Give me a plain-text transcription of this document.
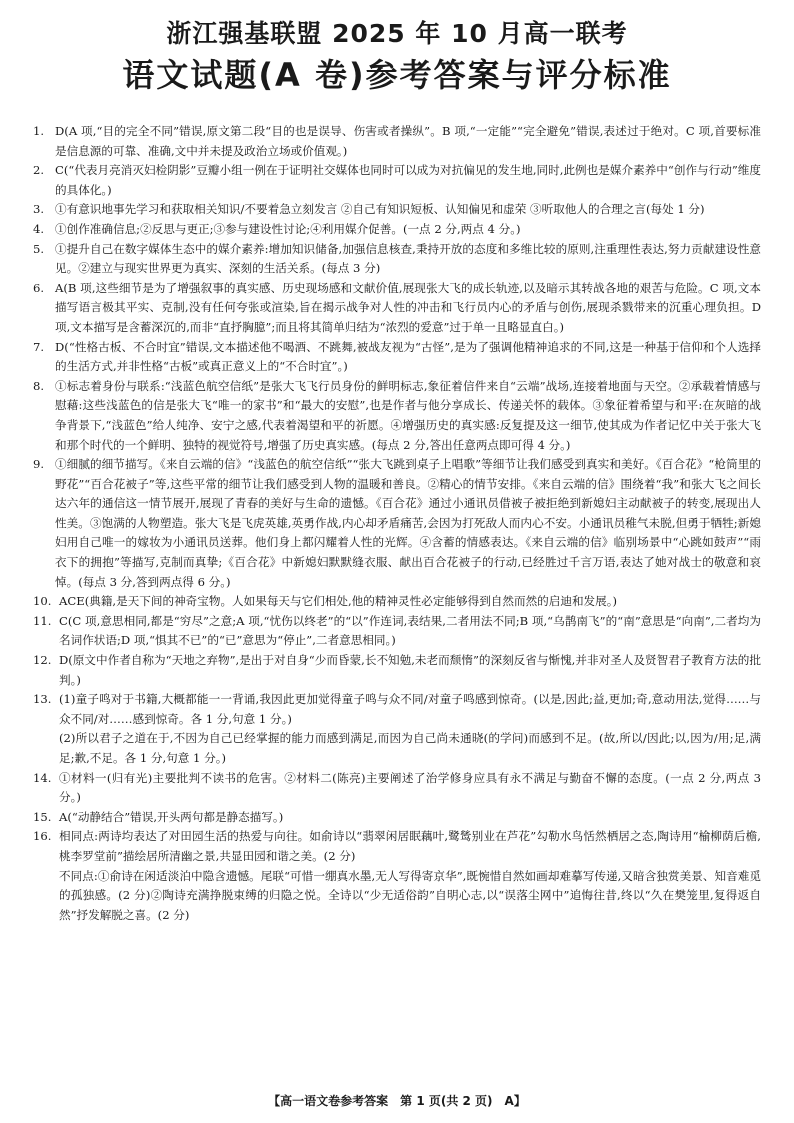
浙江强基联盟 2025 年 10 月高一联考
语文试题(A 卷)参考答案与评分标准
1. D(A 项,“目的完全不同”错误,原文第二段“目的也是误导、伤害或者操纵”。B 项,“一定能”“完全避免”错误,表述过于绝对。C 项,首要标准是信息源的可靠、准确,文中并未提及政治立场或价值观。)

2. C(“代表月亮消灭妇检阴影”豆瓣小组一例在于证明社交媒体也同时可以成为对抗偏见的发生地,同时,此例也是媒介素养中“创作与行动”维度的具体化。)

3. ①有意识地事先学习和获取相关知识/不要着急立刻发言 ②自己有知识短板、认知偏见和虚荣 ③听取他人的合理之言(每处 1 分)

4. ①创作准确信息;②反思与更正;③参与建设性讨论;④利用媒介促善。(一点 2 分,两点 4 分。)

5. ①提升自己在数字媒体生态中的媒介素养:增加知识储备,加强信息核查,秉持开放的态度和多维比较的原则,注重理性表达,努力贡献建设性意见。②建立与现实世界更为真实、深刻的生活关系。(每点 3 分)

6. A(B 项,这些细节是为了增强叙事的真实感、历史现场感和文献价值,展现张大飞的成长轨迹,以及暗示其转战各地的艰苦与危险。C 项,文本描写语言极其平实、克制,没有任何夸张或渲染,旨在揭示战争对人性的冲击和飞行员内心的矛盾与创伤,展现杀戮带来的沉重心理负担。D 项,文本描写是含蓄深沉的,而非“直抒胸臆”;而且将其简单归结为“浓烈的爱意”过于单一且略显直白。)

7. D(“性格古板、不合时宜”错误,文本描述他不喝酒、不跳舞,被战友视为“古怪”,是为了强调他精神追求的不同,这是一种基于信仰和个人选择的生活方式,并非性格“古板”或真正意义上的“不合时宜”。)

8. ①标志着身份与联系:“浅蓝色航空信纸”是张大飞飞行员身份的鲜明标志,象征着信件来自“云端”战场,连接着地面与天空。②承载着情感与慰藉:这些浅蓝色的信是张大飞“唯一的家书”和“最大的安慰”,也是作者与他分享成长、传递关怀的载体。③象征着希望与和平:在灰暗的战争背景下,“浅蓝色”给人纯净、安宁之感,代表着渴望和平的祈愿。④增强历史的真实感:反复提及这一细节,使其成为作者记忆中关于张大飞和那个时代的一个鲜明、独特的视觉符号,增强了历史真实感。(每点 2 分,答出任意两点即可得 4 分。)

9. ①细腻的细节描写。《来自云端的信》“浅蓝色的航空信纸”“张大飞跳到桌子上唱歌”等细节让我们感受到真实和美好。《百合花》“枪筒里的野花”“百合花被子”等,这些平常的细节让我们感受到人物的温暖和善良。②精心的情节安排。《来自云端的信》围绕着“我”和张大飞之间长达六年的通信这一情节展开,展现了青春的美好与生命的遗憾。《百合花》通过小通讯员借被子被拒绝到新媳妇主动献被子的转变,展现出人性美。③饱满的人物塑造。张大飞是飞虎英雄,英勇作战,内心却矛盾痛苦,会因为打死敌人而内心不安。小通讯员稚气未脱,但勇于牺牲;新媳妇用自己唯一的嫁妆为小通讯员送葬。他们身上都闪耀着人性的光辉。④含蓄的情感表达。《来自云端的信》临别场景中“心跳如鼓声”“雨衣下的拥抱”等描写,克制而真挚;《百合花》中新媳妇默默缝衣服、献出百合花被子的行动,已经胜过千言万语,表达了她对战士的敬意和哀悼。(每点 3 分,答到两点得 6 分。)

10. ACE(典籍,是天下间的神奇宝物。人如果每天与它们相处,他的精神灵性必定能够得到自然而然的启迪和发展。)

11. C(C 项,意思相同,都是“穷尽”之意;A 项,“忧伤以终老”的“以”作连词,表结果,二者用法不同;B 项,“乌鹊南飞”的“南”意思是“向南”,二者均为名词作状语;D 项,“惧其不已”的“已”意思为“停止”,二者意思相同。)

12. D(原文中作者自称为“天地之弃物”,是出于对自身“少而昏蒙,长不知勉,未老而颓惰”的深刻反省与惭愧,并非对圣人及贤智君子教育方法的批判。)

13. (1)童子鸣对于书籍,大概都能一一背诵,我因此更加觉得童子鸣与众不同/对童子鸣感到惊奇。(以是,因此;益,更加;奇,意动用法,觉得……与众不同/对……感到惊奇。各 1 分,句意 1 分。)

(2)所以君子之道在于,不因为自己已经掌握的能力而感到满足,而因为自己尚未通晓(的学问)而感到不足。(故,所以/因此;以,因为/用;足,满足;歉,不足。各 1 分,句意 1 分。)

14. ①材料一(归有光)主要批判不读书的危害。②材料二(陈亮)主要阐述了治学修身应具有永不满足与勤奋不懈的态度。(一点 2 分,两点 3 分。)

15. A(“动静结合”错误,开头两句都是静态描写。)

16. 相同点:两诗均表达了对田园生活的热爱与向往。如俞诗以“翡翠闲居眠藕叶,鹭鸶别业在芦花”勾勒水鸟恬然栖居之态,陶诗用“榆柳荫后檐,桃李罗堂前”描绘居所清幽之景,共显田园和谐之美。(2 分)

不同点:①俞诗在闲适淡泊中隐含遗憾。尾联“可惜一绷真水墨,无人写得寄京华”,既惋惜自然如画却难摹写传递,又暗含独赏美景、知音难觅的孤独感。(2 分)②陶诗充满挣脱束缚的归隐之悦。全诗以“少无适俗韵”自明心志,以“误落尘网中”追悔往昔,终以“久在樊笼里,复得返自然”抒发解脱之喜。(2 分)

【高一语文卷参考答案　第 1 页(共 2 页)　A】
